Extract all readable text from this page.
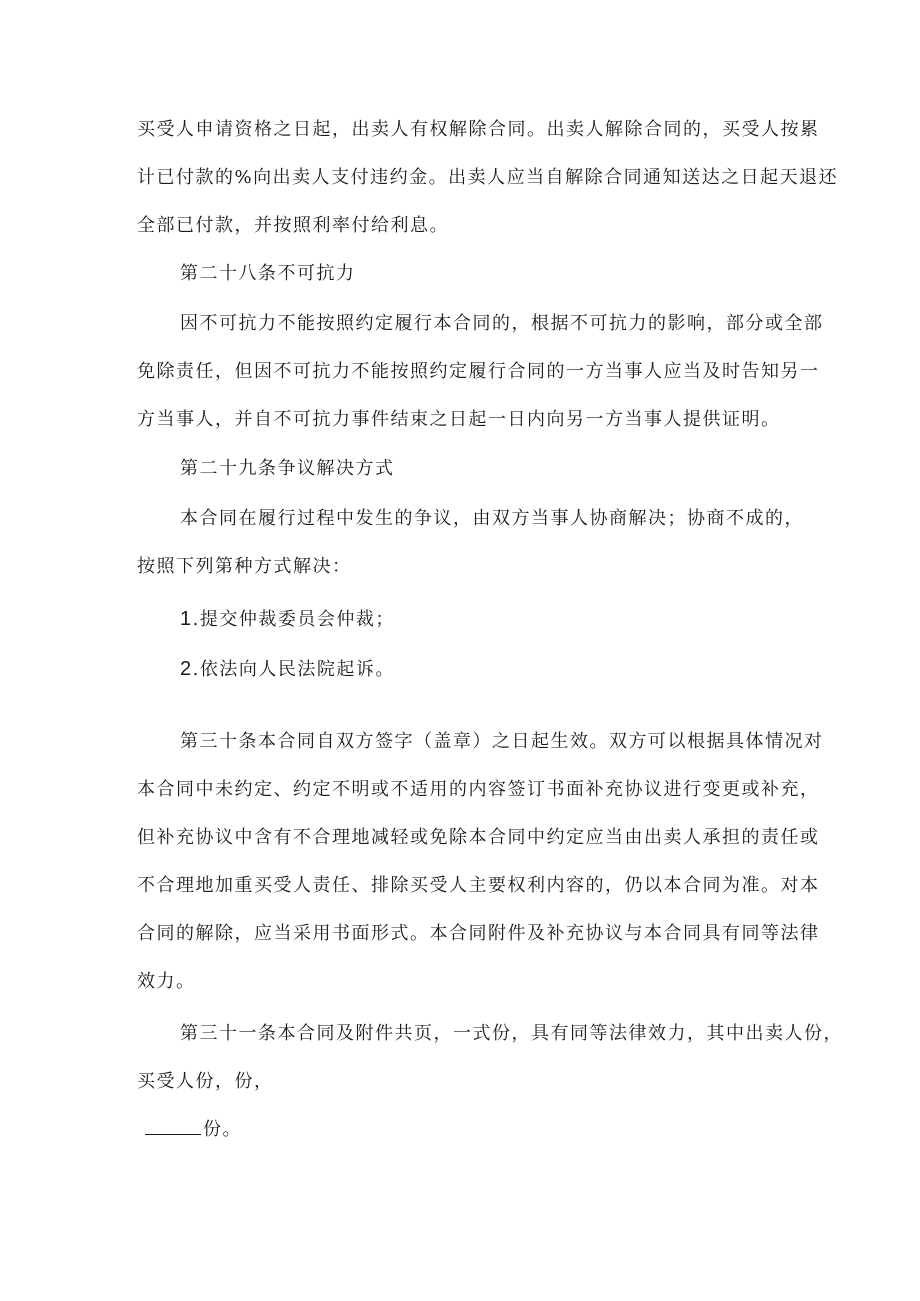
买受人申请资格之日起，出卖人有权解除合同。出卖人解除合同的，买受人按累
计已付款的%向出卖人支付违约金。出卖人应当自解除合同通知送达之日起天退还
全部已付款，并按照利率付给利息。
第二十八条不可抗力
因不可抗力不能按照约定履行本合同的，根据不可抗力的影响，部分或全部
免除责任，但因不可抗力不能按照约定履行合同的一方当事人应当及时告知另一
方当事人，并自不可抗力事件结束之日起一日内向另一方当事人提供证明。
第二十九条争议解决方式
本合同在履行过程中发生的争议，由双方当事人协商解决；协商不成的，
按照下列第种方式解决：
1.提交仲裁委员会仲裁；
2.依法向人民法院起诉。
第三十条本合同自双方签字（盖章）之日起生效。双方可以根据具体情况对
本合同中未约定、约定不明或不适用的内容签订书面补充协议进行变更或补充，
但补充协议中含有不合理地减轻或免除本合同中约定应当由出卖人承担的责任或
不合理地加重买受人责任、排除买受人主要权利内容的，仍以本合同为准。对本
合同的解除，应当采用书面形式。本合同附件及补充协议与本合同具有同等法律
效力。
第三十一条本合同及附件共页，一式份，具有同等法律效力，其中出卖人份，
买受人份，份，
份。
